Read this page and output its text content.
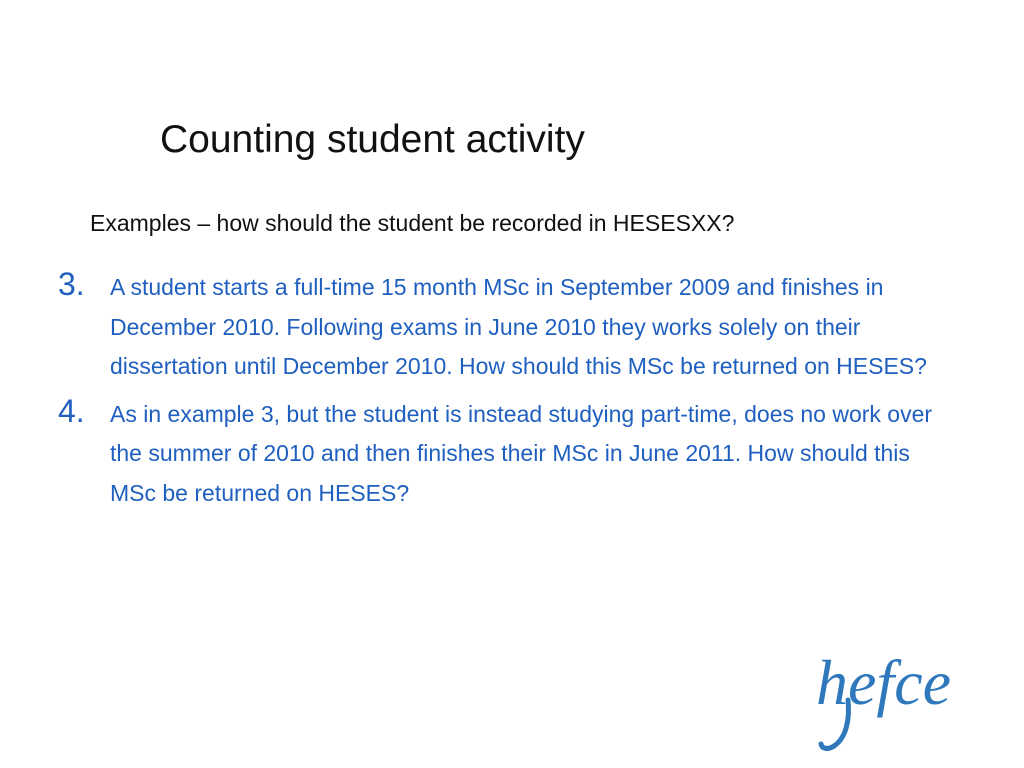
Counting student activity
Examples – how should the student be recorded in HESESXX?
3. A student starts a full-time 15 month MSc in September 2009 and finishes in December 2010. Following exams in June 2010 they works solely on their dissertation until December 2010. How should this MSc be returned on HESES?
4. As in example 3, but the student is instead studying part-time, does no work over the summer of 2010 and then finishes their MSc in June 2011. How should this MSc be returned on HESES?
hefce
